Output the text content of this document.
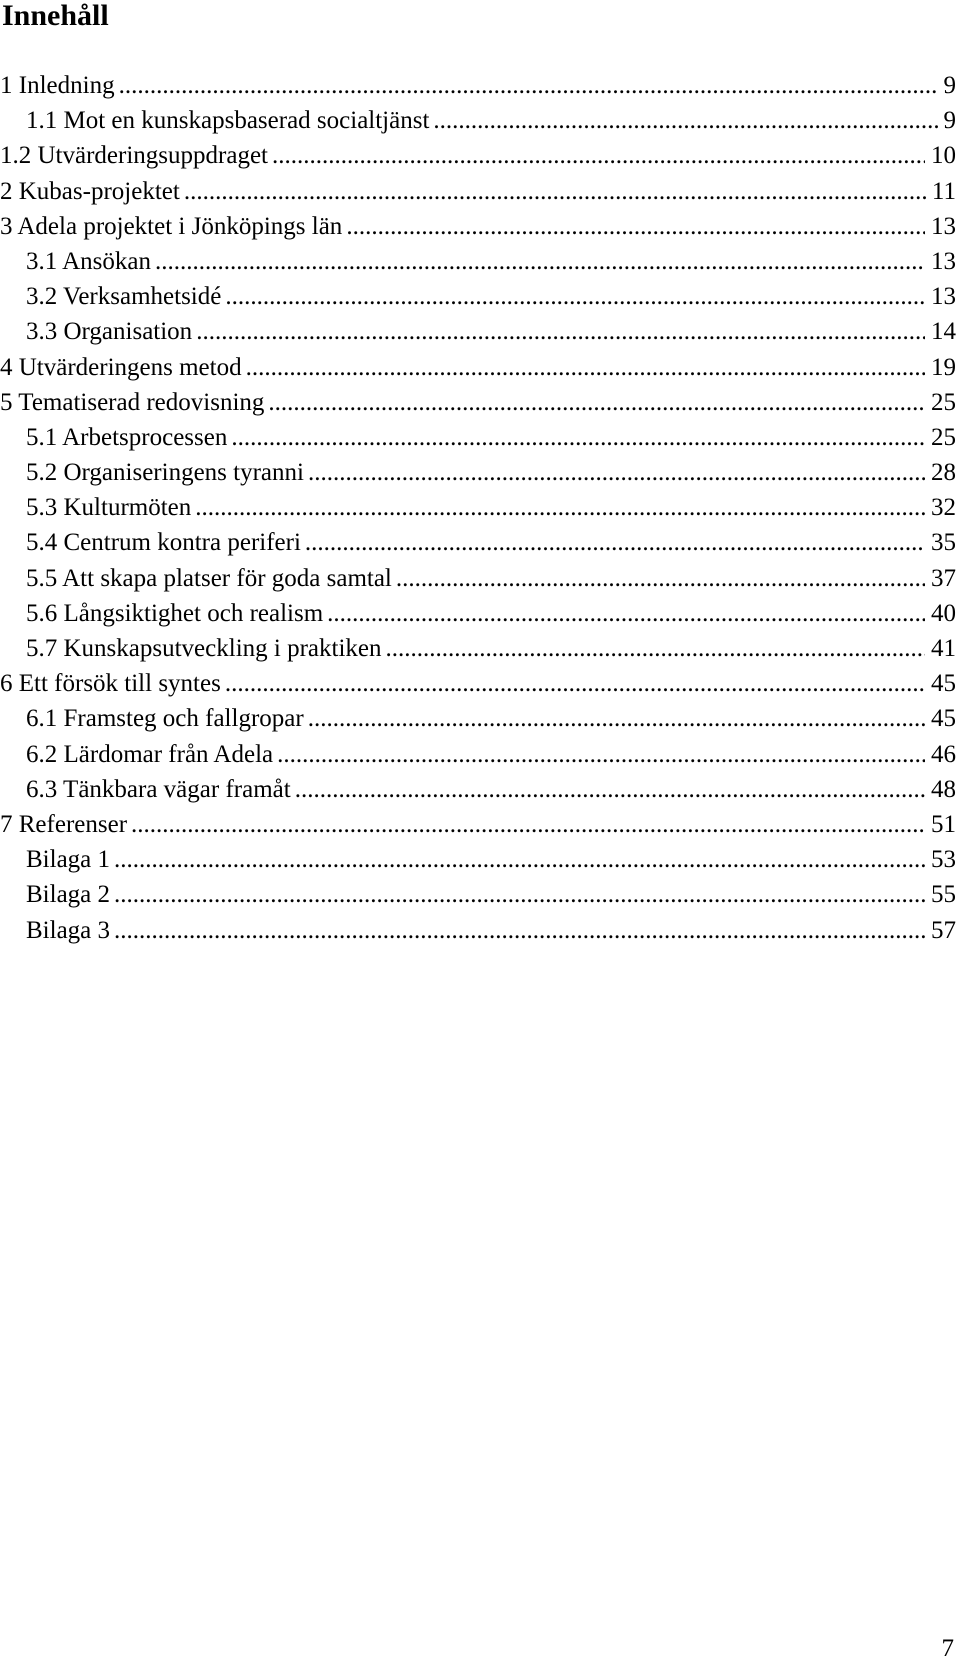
Innehåll
1 Inledning .....	9
1.1 Mot en kunskapsbaserad socialtjänst .....	9
1.2 Utvärderingsuppdraget .....	10
2 Kubas-projektet .....	11
3 Adela projektet i Jönköpings län .....	13
3.1 Ansökan .....	13
3.2 Verksamhetsidé .....	13
3.3 Organisation .....	14
4 Utvärderingens metod .....	19
5 Tematiserad redovisning .....	25
5.1 Arbetsprocessen .....	25
5.2 Organiseringens tyranni .....	28
5.3 Kulturmöten .....	32
5.4 Centrum kontra periferi .....	35
5.5 Att skapa platser för goda samtal .....	37
5.6 Långsiktighet och realism .....	40
5.7 Kunskapsutveckling i praktiken .....	41
6 Ett försök till syntes .....	45
6.1 Framsteg och fallgropar .....	45
6.2 Lärdomar från Adela .....	46
6.3 Tänkbara vägar framåt .....	48
7 Referenser .....	51
Bilaga 1 .....	53
Bilaga 2 .....	55
Bilaga 3 .....	57
7
